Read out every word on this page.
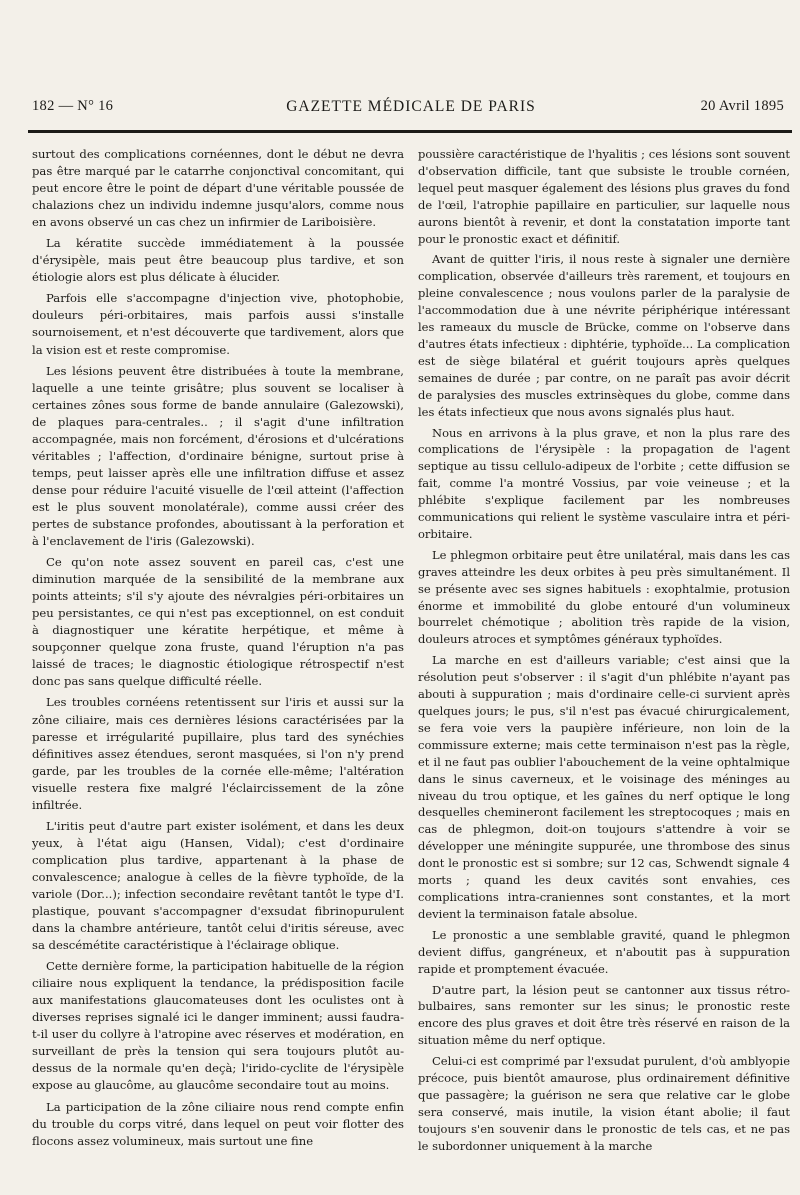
182 — N° 16	GAZETTE MÉDICALE DE PARIS	20 Avril 1895

surtout des complications cornéennes, dont le début ne devra pas être marqué par le catarrhe conjonctival concomitant, qui peut encore être le point de départ d'une véritable poussée de chalazions chez un individu indemne jusqu'alors, comme nous en avons observé un cas chez un infirmier de Lariboisière.

La kératite succède immédiatement à la poussée d'érysipèle, mais peut être beaucoup plus tardive, et son étiologie alors est plus délicate à élucider.

Parfois elle s'accompagne d'injection vive, photophobie, douleurs péri-orbitaires, mais parfois aussi s'installe sournoisement, et n'est découverte que tardivement, alors que la vision est et reste compromise.

Les lésions peuvent être distribuées à toute la membrane, laquelle a une teinte grisâtre; plus souvent se localiser à certaines zônes sous forme de bande annulaire (Galezowski), de plaques para-centrales.. ; il s'agit d'une infiltration accompagnée, mais non forcément, d'érosions et d'ulcérations véritables ; l'affection, d'ordinaire bénigne, surtout prise à temps, peut laisser après elle une infiltration diffuse et assez dense pour réduire l'acuité visuelle de l'œil atteint (l'affection est le plus souvent monolatérale), comme aussi créer des pertes de substance profondes, aboutissant à la perforation et à l'enclavement de l'iris (Galezowski).

Ce qu'on note assez souvent en pareil cas, c'est une diminution marquée de la sensibilité de la membrane aux points atteints; s'il s'y ajoute des névralgies péri-orbitaires un peu persistantes, ce qui n'est pas exceptionnel, on est conduit à diagnostiquer une kératite herpétique, et même à soupçonner quelque zona fruste, quand l'éruption n'a pas laissé de traces; le diagnostic étiologique rétrospectif n'est donc pas sans quelque difficulté réelle.

Les troubles cornéens retentissent sur l'iris et aussi sur la zône ciliaire, mais ces dernières lésions caractérisées par la paresse et irrégularité pupillaire, plus tard des synéchies définitives assez étendues, seront masquées, si l'on n'y prend garde, par les troubles de la cornée elle-même; l'altération visuelle restera fixe malgré l'éclaircissement de la zône infiltrée.

L'iritis peut d'autre part exister isolément, et dans les deux yeux, à l'état aigu (Hansen, Vidal); c'est d'ordinaire complication plus tardive, appartenant à la phase de convalescence; analogue à celles de la fièvre typhoïde, de la variole (Dor...); infection secondaire revêtant tantôt le type d'I. plastique, pouvant s'accompagner d'exsudat fibrinopurulent dans la chambre antérieure, tantôt celui d'iritis séreuse, avec sa descémétite caractéristique à l'éclairage oblique.

Cette dernière forme, la participation habituelle de la région ciliaire nous expliquent la tendance, la prédisposition facile aux manifestations glaucomateuses dont les oculistes ont à diverses reprises signalé ici le danger imminent; aussi faudra-t-il user du collyre à l'atropine avec réserves et modération, en surveillant de près la tension qui sera toujours plutôt au-dessus de la normale qu'en deçà; l'irido-cyclite de l'érysipèle expose au glaucôme, au glaucôme secondaire tout au moins.

La participation de la zône ciliaire nous rend compte enfin du trouble du corps vitré, dans lequel on peut voir flotter des flocons assez volumineux, mais surtout une fine

poussière caractéristique de l'hyalitis ; ces lésions sont souvent d'observation difficile, tant que subsiste le trouble cornéen, lequel peut masquer également des lésions plus graves du fond de l'œil, l'atrophie papillaire en particulier, sur laquelle nous aurons bientôt à revenir, et dont la constatation importe tant pour le pronostic exact et définitif.

Avant de quitter l'iris, il nous reste à signaler une dernière complication, observée d'ailleurs très rarement, et toujours en pleine convalescence ; nous voulons parler de la paralysie de l'accommodation due à une névrite périphérique intéressant les rameaux du muscle de Brücke, comme on l'observe dans d'autres états infectieux : diphtérie, typhoïde... La complication est de siège bilatéral et guérit toujours après quelques semaines de durée ; par contre, on ne paraît pas avoir décrit de paralysies des muscles extrinsèques du globe, comme dans les états infectieux que nous avons signalés plus haut.

Nous en arrivons à la plus grave, et non la plus rare des complications de l'érysipèle : la propagation de l'agent septique au tissu cellulo-adipeux de l'orbite ; cette diffusion se fait, comme l'a montré Vossius, par voie veineuse ; et la phlébite s'explique facilement par les nombreuses communications qui relient le système vasculaire intra et péri-orbitaire.

Le phlegmon orbitaire peut être unilatéral, mais dans les cas graves atteindre les deux orbites à peu près simultanément. Il se présente avec ses signes habituels : exophtalmie, protusion énorme et immobilité du globe entouré d'un volumineux bourrelet chémotique ; abolition très rapide de la vision, douleurs atroces et symptômes généraux typhoïdes.

La marche en est d'ailleurs variable; c'est ainsi que la résolution peut s'observer : il s'agit d'un phlébite n'ayant pas abouti à suppuration ; mais d'ordinaire celle-ci survient après quelques jours; le pus, s'il n'est pas évacué chirurgicalement, se fera voie vers la paupière inférieure, non loin de la commissure externe; mais cette terminaison n'est pas la règle, et il ne faut pas oublier l'abouchement de la veine ophtalmique dans le sinus caverneux, et le voisinage des méninges au niveau du trou optique, et les gaînes du nerf optique le long desquelles chemineront facilement les streptocoques ; mais en cas de phlegmon, doit-on toujours s'attendre à voir se développer une méningite suppurée, une thrombose des sinus dont le pronostic est si sombre; sur 12 cas, Schwendt signale 4 morts ; quand les deux cavités sont envahies, ces complications intra-craniennes sont constantes, et la mort devient la terminaison fatale absolue.

Le pronostic a une semblable gravité, quand le phlegmon devient diffus, gangréneux, et n'aboutit pas à suppuration rapide et promptement évacuée.

D'autre part, la lésion peut se cantonner aux tissus rétro-bulbaires, sans remonter sur les sinus; le pronostic reste encore des plus graves et doit être très réservé en raison de la situation même du nerf optique.

Celui-ci est comprimé par l'exsudat purulent, d'où amblyopie précoce, puis bientôt amaurose, plus ordinairement définitive que passagère; la guérison ne sera que relative car le globe sera conservé, mais inutile, la vision étant abolie; il faut toujours s'en souvenir dans le pronostic de tels cas, et ne pas le subordonner uniquement à la marche
